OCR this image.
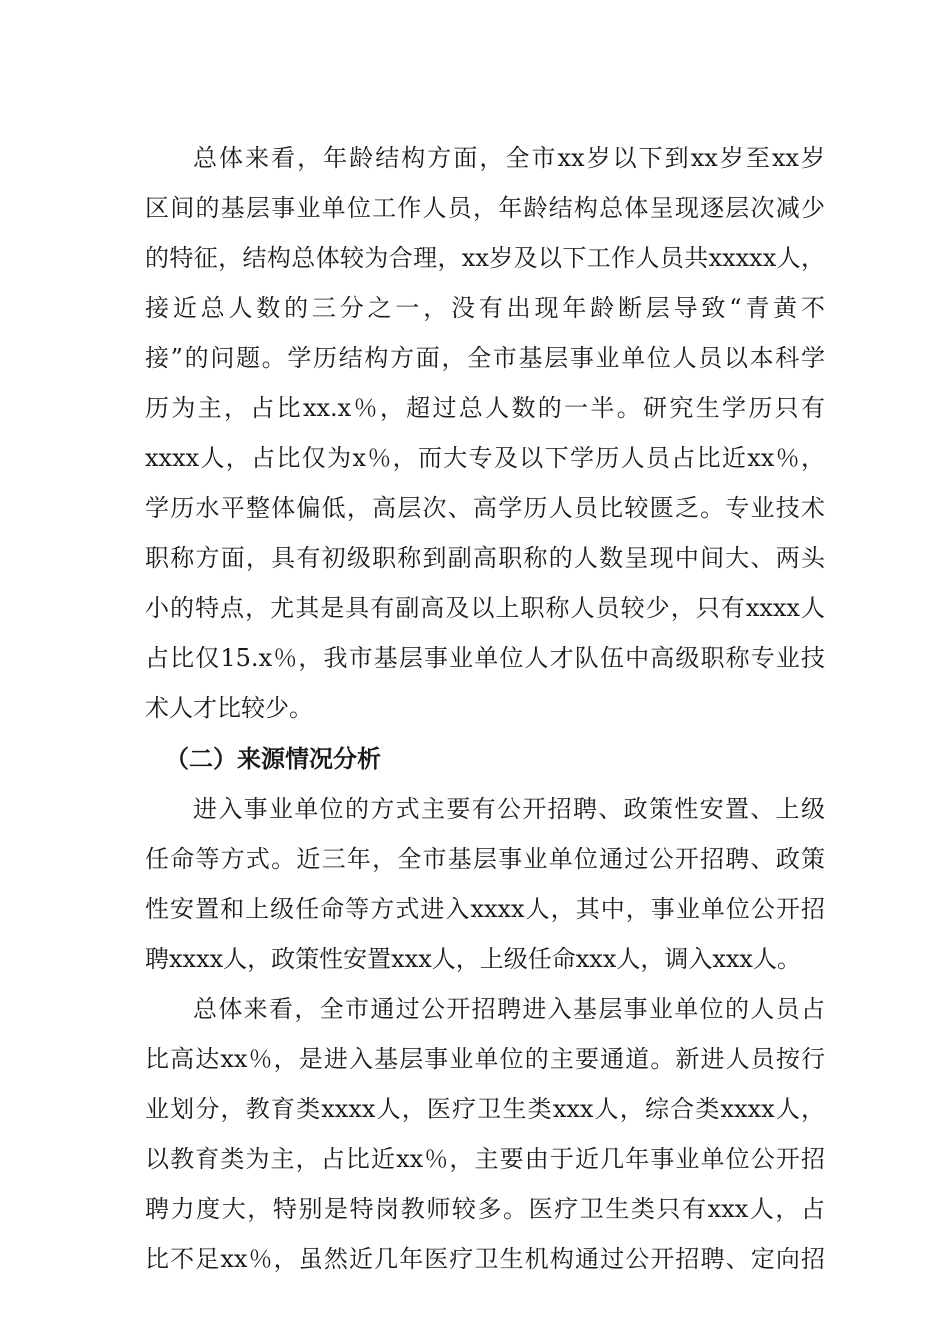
总体来看，年龄结构方面，全市xx岁以下到xx岁至xx岁
区间的基层事业单位工作人员，年龄结构总体呈现逐层次减少
的特征，结构总体较为合理，xx岁及以下工作人员共xxxxx人，
接近总人数的三分之一，没有出现年龄断层导致“青黄不
接”的问题。学历结构方面，全市基层事业单位人员以本科学
历为主，占比xx.x％，超过总人数的一半。研究生学历只有
xxxx人，占比仅为x％，而大专及以下学历人员占比近xx％，
学历水平整体偏低，高层次、高学历人员比较匮乏。专业技术
职称方面，具有初级职称到副高职称的人数呈现中间大、两头
小的特点，尤其是具有副高及以上职称人员较少，只有xxxx人
占比仅15.x％，我市基层事业单位人才队伍中高级职称专业技
术人才比较少。
（二）来源情况分析
进入事业单位的方式主要有公开招聘、政策性安置、上级
任命等方式。近三年，全市基层事业单位通过公开招聘、政策
性安置和上级任命等方式进入xxxx人，其中，事业单位公开招
聘xxxx人，政策性安置xxx人，上级任命xxx人，调入xxx人。
总体来看，全市通过公开招聘进入基层事业单位的人员占
比高达xx％，是进入基层事业单位的主要通道。新进人员按行
业划分，教育类xxxx人，医疗卫生类xxx人，综合类xxxx人，
以教育类为主，占比近xx％，主要由于近几年事业单位公开招
聘力度大，特别是特岗教师较多。医疗卫生类只有xxx人，占
比不足xx％，虽然近几年医疗卫生机构通过公开招聘、定向招
